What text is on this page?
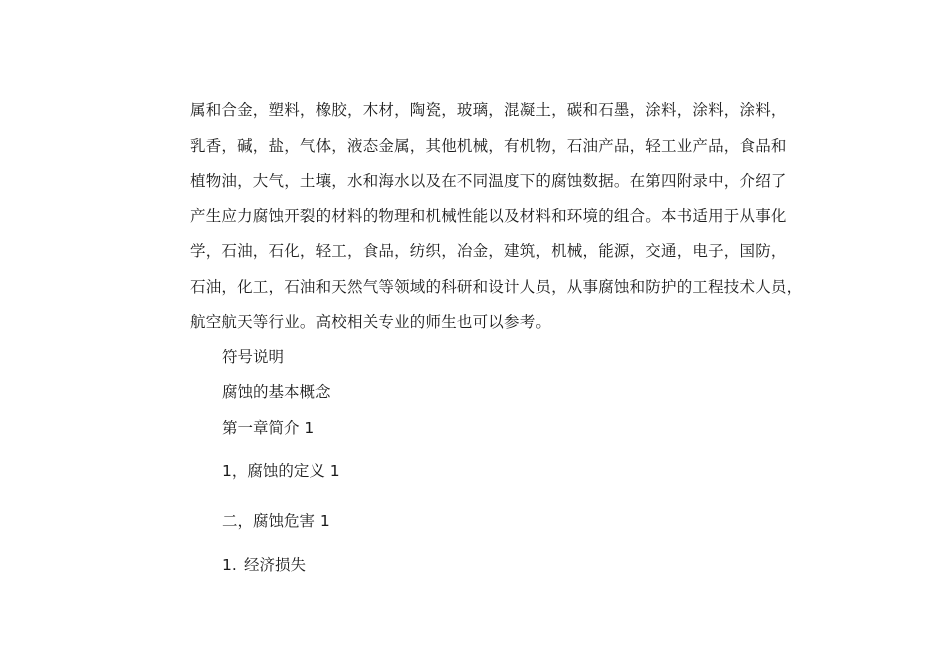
属和合金，塑料，橡胶，木材，陶瓷，玻璃，混凝土，碳和石墨，涂料，涂料，涂料，
乳香，碱，盐，气体，液态金属，其他机械，有机物，石油产品，轻工业产品，食品和
植物油，大气，土壤，水和海水以及在不同温度下的腐蚀数据。在第四附录中，介绍了
产生应力腐蚀开裂的材料的物理和机械性能以及材料和环境的组合。本书适用于从事化
学，石油，石化，轻工，食品，纺织，冶金，建筑，机械，能源，交通，电子，国防，
石油，化工，石油和天然气等领域的科研和设计人员，从事腐蚀和防护的工程技术人员，
航空航天等行业。高校相关专业的师生也可以参考。
符号说明
腐蚀的基本概念
第一章简介 1
1，腐蚀的定义 1
二，腐蚀危害 1
1. 经济损失
